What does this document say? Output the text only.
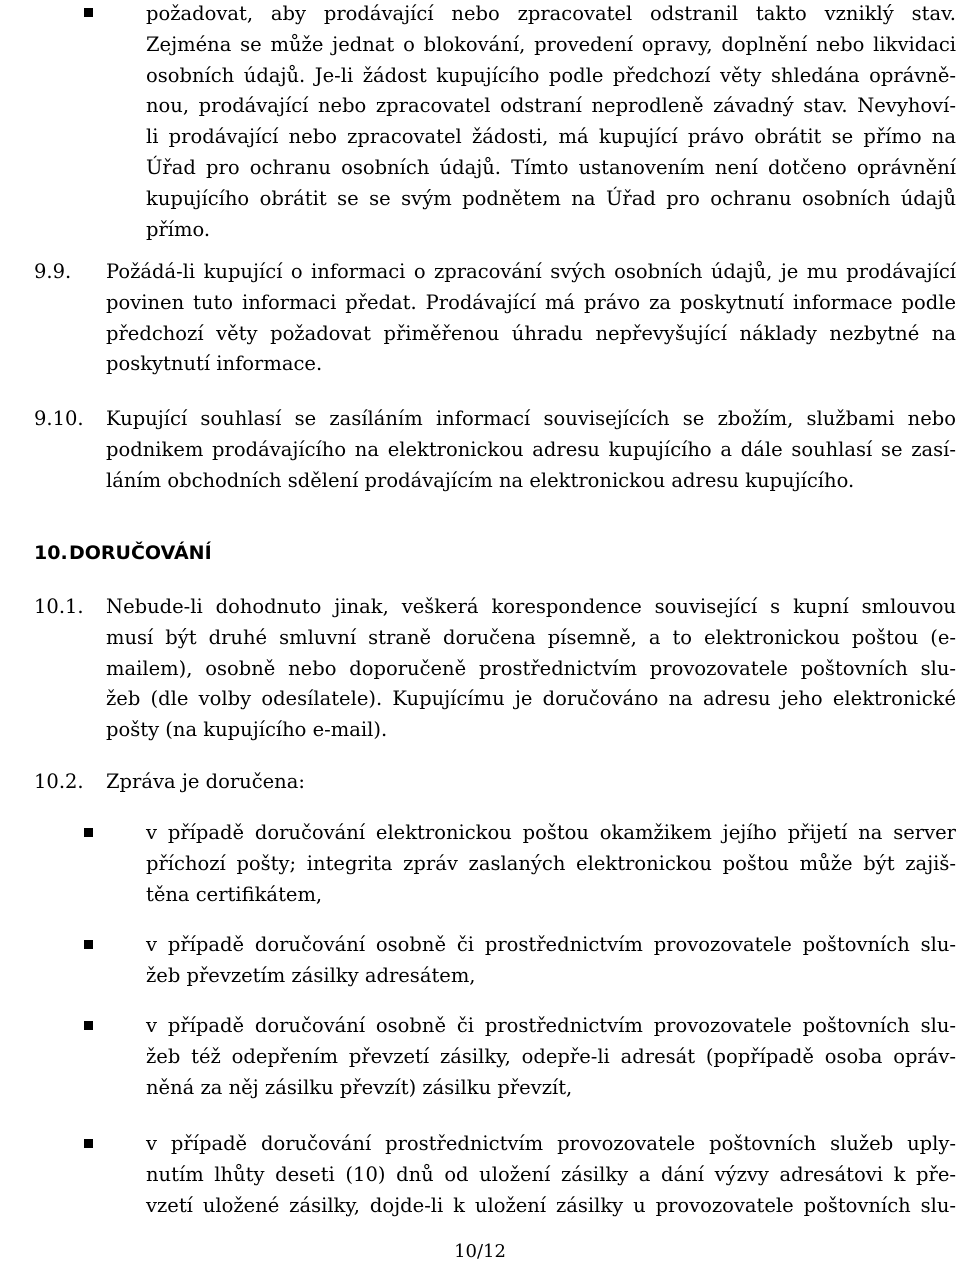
požadovat, aby prodávající nebo zpracovatel odstranil takto vzniklý stav.
Zejména se může jednat o blokování, provedení opravy, doplnění nebo likvidaci
osobních údajů. Je-li žádost kupujícího podle předchozí věty shledána oprávně-
nou, prodávající nebo zpracovatel odstraní neprodleně závadný stav. Nevyhoví-
li prodávající nebo zpracovatel žádosti, má kupující právo obrátit se přímo na
Úřad pro ochranu osobních údajů. Tímto ustanovením není dotčeno oprávnění
kupujícího obrátit se se svým podnětem na Úřad pro ochranu osobních údajů
přímo.
9.9. Požádá-li kupující o informaci o zpracování svých osobních údajů, je mu prodávající
povinen tuto informaci předat. Prodávající má právo za poskytnutí informace podle
předchozí věty požadovat přiměřenou úhradu nepřevyšující náklady nezbytné na
poskytnutí informace.
9.10. Kupující souhlasí se zasíláním informací souvisejících se zbožím, službami nebo
podnikem prodávajícího na elektronickou adresu kupujícího a dále souhlasí se zasí-
láním obchodních sdělení prodávajícím na elektronickou adresu kupujícího.
10. DORUČOVÁNÍ
10.1. Nebude-li dohodnuto jinak, veškerá korespondence související s kupní smlouvou
musí být druhé smluvní straně doručena písemně, a to elektronickou poštou (e-
mailem), osobně nebo doporučeně prostřednictvím provozovatele poštovních slu-
žeb (dle volby odesílatele). Kupujícímu je doručováno na adresu jeho elektronické
pošty (na kupujícího e-mail).
10.2. Zpráva je doručena:
v případě doručování elektronickou poštou okamžikem jejího přijetí na server
příchozí pošty; integrita zpráv zaslaných elektronickou poštou může být zajiš-
těna certifikátem,
v případě doručování osobně či prostřednictvím provozovatele poštovních slu-
žeb převzetím zásilky adresátem,
v případě doručování osobně či prostřednictvím provozovatele poštovních slu-
žeb též odepřením převzetí zásilky, odepře-li adresát (popřípadě osoba opráv-
něná za něj zásilku převzít) zásilku převzít,
v případě doručování prostřednictvím provozovatele poštovních služeb uply-
nutím lhůty deseti (10) dnů od uložení zásilky a dání výzvy adresátovi k pře-
vzetí uložené zásilky, dojde-li k uložení zásilky u provozovatele poštovních slu-
10/12
